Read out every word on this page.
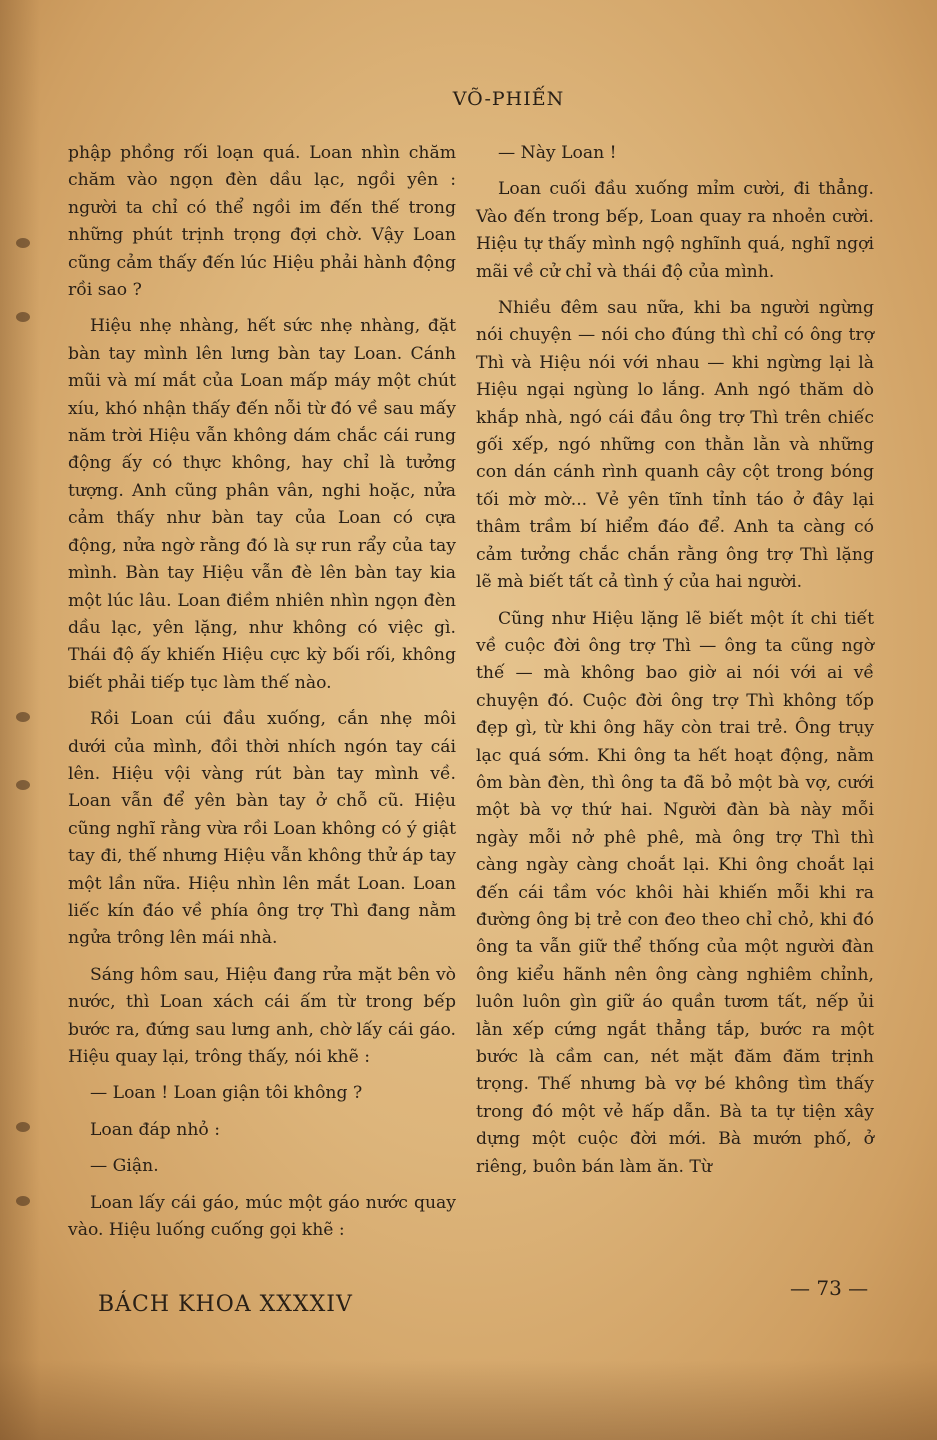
VÕ-PHIẾN

phập phồng rối loạn quá. Loan nhìn chăm chăm vào ngọn đèn dầu lạc, ngồi yên : người ta chỉ có thể ngồi im đến thế trong những phút trịnh trọng đợi chờ. Vậy Loan cũng cảm thấy đến lúc Hiệu phải hành động rồi sao ?

Hiệu nhẹ nhàng, hết sức nhẹ nhàng, đặt bàn tay mình lên lưng bàn tay Loan. Cánh mũi và mí mắt của Loan mấp máy một chút xíu, khó nhận thấy đến nỗi từ đó về sau mấy năm trời Hiệu vẫn không dám chắc cái rung động ấy có thực không, hay chỉ là tưởng tượng. Anh cũng phân vân, nghi hoặc, nửa cảm thấy như bàn tay của Loan có cựa động, nửa ngờ rằng đó là sự run rẩy của tay mình. Bàn tay Hiệu vẫn đè lên bàn tay kia một lúc lâu. Loan điềm nhiên nhìn ngọn đèn dầu lạc, yên lặng, như không có việc gì. Thái độ ấy khiến Hiệu cực kỳ bối rối, không biết phải tiếp tục làm thế nào.

Rồi Loan cúi đầu xuống, cắn nhẹ môi dưới của mình, đồi thời nhích ngón tay cái lên. Hiệu vội vàng rút bàn tay mình về. Loan vẫn để yên bàn tay ở chỗ cũ. Hiệu cũng nghĩ rằng vừa rồi Loan không có ý giật tay đi, thế nhưng Hiệu vẫn không thử áp tay một lần nữa. Hiệu nhìn lên mắt Loan. Loan liếc kín đáo về phía ông trợ Thì đang nằm ngửa trông lên mái nhà.

Sáng hôm sau, Hiệu đang rửa mặt bên vò nước, thì Loan xách cái ấm từ trong bếp bước ra, đứng sau lưng anh, chờ lấy cái gáo. Hiệu quay lại, trông thấy, nói khẽ :

— Loan ! Loan giận tôi không ?

Loan đáp nhỏ :

— Giận.

Loan lấy cái gáo, múc một gáo nước quay vào. Hiệu luống cuống gọi khẽ :

— Này Loan !

Loan cuối đầu xuống mỉm cười, đi thẳng. Vào đến trong bếp, Loan quay ra nhoẻn cười. Hiệu tự thấy mình ngộ nghĩnh quá, nghĩ ngợi mãi về cử chỉ và thái độ của mình.

Nhiều đêm sau nữa, khi ba người ngừng nói chuyện — nói cho đúng thì chỉ có ông trợ Thì và Hiệu nói với nhau — khi ngừng lại là Hiệu ngại ngùng lo lắng. Anh ngó thăm dò khắp nhà, ngó cái đầu ông trợ Thì trên chiếc gối xếp, ngó những con thằn lằn và những con dán cánh rình quanh cây cột trong bóng tối mờ mờ... Vẻ yên tĩnh tỉnh táo ở đây lại thâm trầm bí hiểm đáo để. Anh ta càng có cảm tưởng chắc chắn rằng ông trợ Thì lặng lẽ mà biết tất cả tình ý của hai người.

Cũng như Hiệu lặng lẽ biết một ít chi tiết về cuộc đời ông trợ Thì — ông ta cũng ngờ thế — mà không bao giờ ai nói với ai về chuyện đó. Cuộc đời ông trợ Thì không tốp đẹp gì, từ khi ông hãy còn trai trẻ. Ông trụy lạc quá sớm. Khi ông ta hết hoạt động, nằm ôm bàn đèn, thì ông ta đã bỏ một bà vợ, cưới một bà vợ thứ hai. Người đàn bà này mỗi ngày mỗi nở phê phê, mà ông trợ Thì thì càng ngày càng choắt lại. Khi ông choắt lại đến cái tầm vóc khôi hài khiến mỗi khi ra đường ông bị trẻ con đeo theo chỉ chỏ, khi đó ông ta vẫn giữ thể thống của một người đàn ông kiểu hãnh nên ông càng nghiêm chỉnh, luôn luôn gìn giữ áo quần tươm tất, nếp ủi lằn xếp cứng ngắt thẳng tắp, bước ra một bước là cầm can, nét mặt đăm đăm trịnh trọng. Thế nhưng bà vợ bé không tìm thấy trong đó một vẻ hấp dẫn. Bà ta tự tiện xây dựng một cuộc đời mới. Bà mướn phố, ở riêng, buôn bán làm ăn. Từ

BÁCH KHOA XXXXIV
— 73 —
